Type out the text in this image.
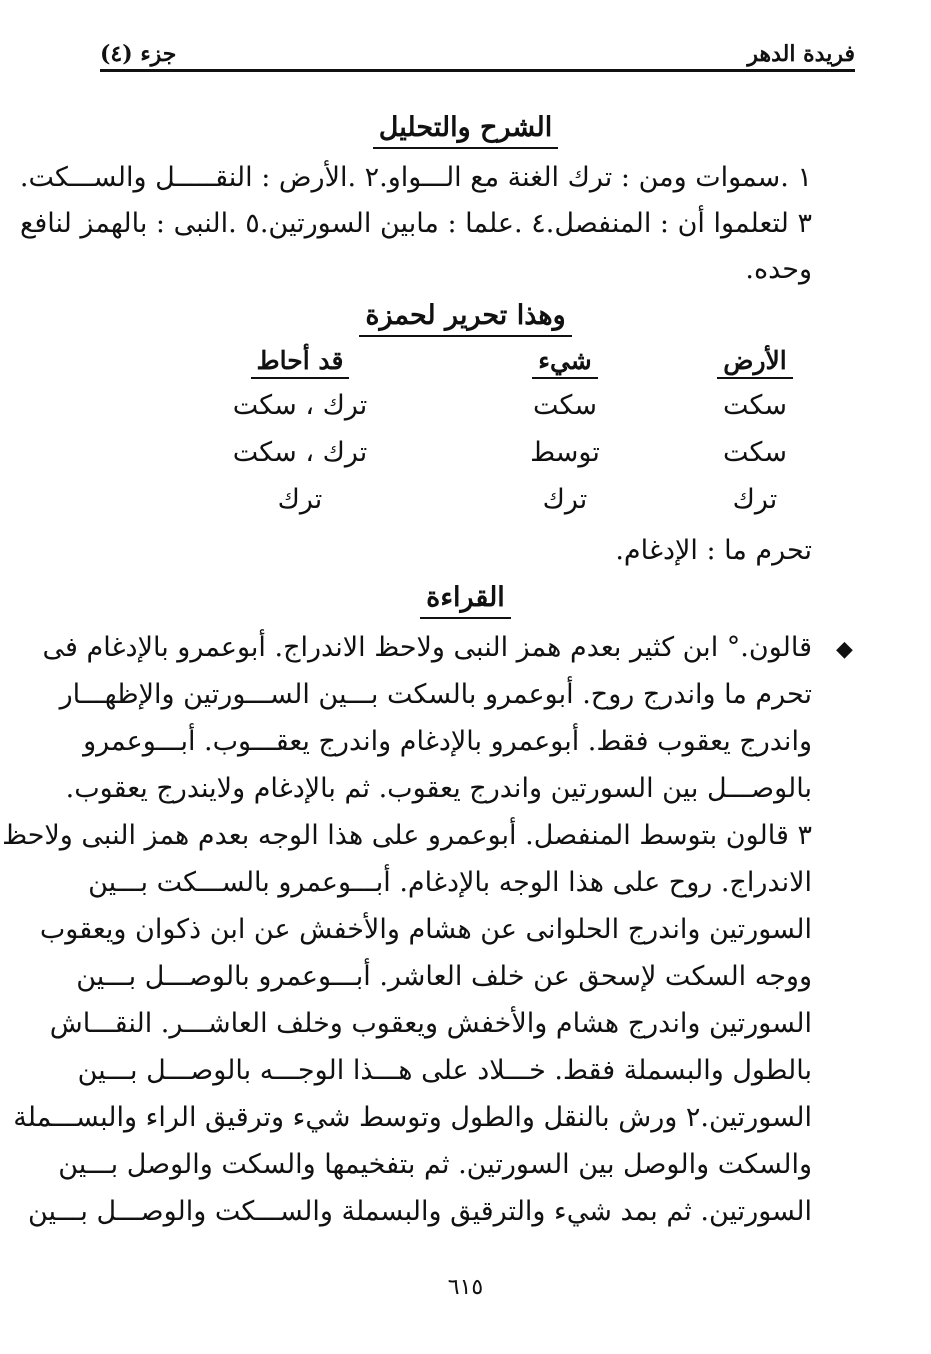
فريدة الدهر
جزء (٤)
الشرح والتحليل
١ .سموات ومن : ترك الغنة مع الـــواو.٢ .الأرض : النقـــــل والســـكت.
٣ لتعلموا أن : المنفصل.٤ .علما : مابين السورتين.٥ .النبى : بالهمز لنافع
وحده.
وهذا تحرير لحمزة
الأرض
شيء
قد أحاط
سكت
سكت
ترك ، سكت
سكت
توسط
ترك ، سكت
ترك
ترك
ترك
تحرم ما : الإدغام.
القراءة
◆
قالون.° ابن كثير بعدم همز النبى ولاحظ الاندراج. أبوعمرو بالإدغام فى
تحرم ما واندرج روح. أبوعمرو بالسكت بـــين الســـورتين والإظهـــار
واندرج يعقوب فقط. أبوعمرو بالإدغام واندرج يعقـــوب. أبـــوعمرو
بالوصـــل بين السورتين واندرج يعقوب. ثم بالإدغام ولايندرج يعقوب.
٣ قالون بتوسط المنفصل. أبوعمرو على هذا الوجه بعدم همز النبى ولاحظ
الاندراج. روح على هذا الوجه بالإدغام. أبـــوعمرو بالســـكت بـــين
السورتين واندرج الحلوانى عن هشام والأخفش عن ابن ذكوان ويعقوب
ووجه السكت لإسحق عن خلف العاشر. أبـــوعمرو بالوصـــل بـــين
السورتين واندرج هشام والأخفش ويعقوب وخلف العاشـــر. النقـــاش
بالطول والبسملة فقط. خـــلاد على هـــذا الوجـــه بالوصـــل بـــين
السورتين.٢ ورش بالنقل والطول وتوسط شيء وترقيق الراء والبســـملة
والسكت والوصل بين السورتين. ثم بتفخيمها والسكت والوصل بـــين
السورتين. ثم بمد شيء والترقيق والبسملة والســـكت والوصـــل بـــين
٦١٥
